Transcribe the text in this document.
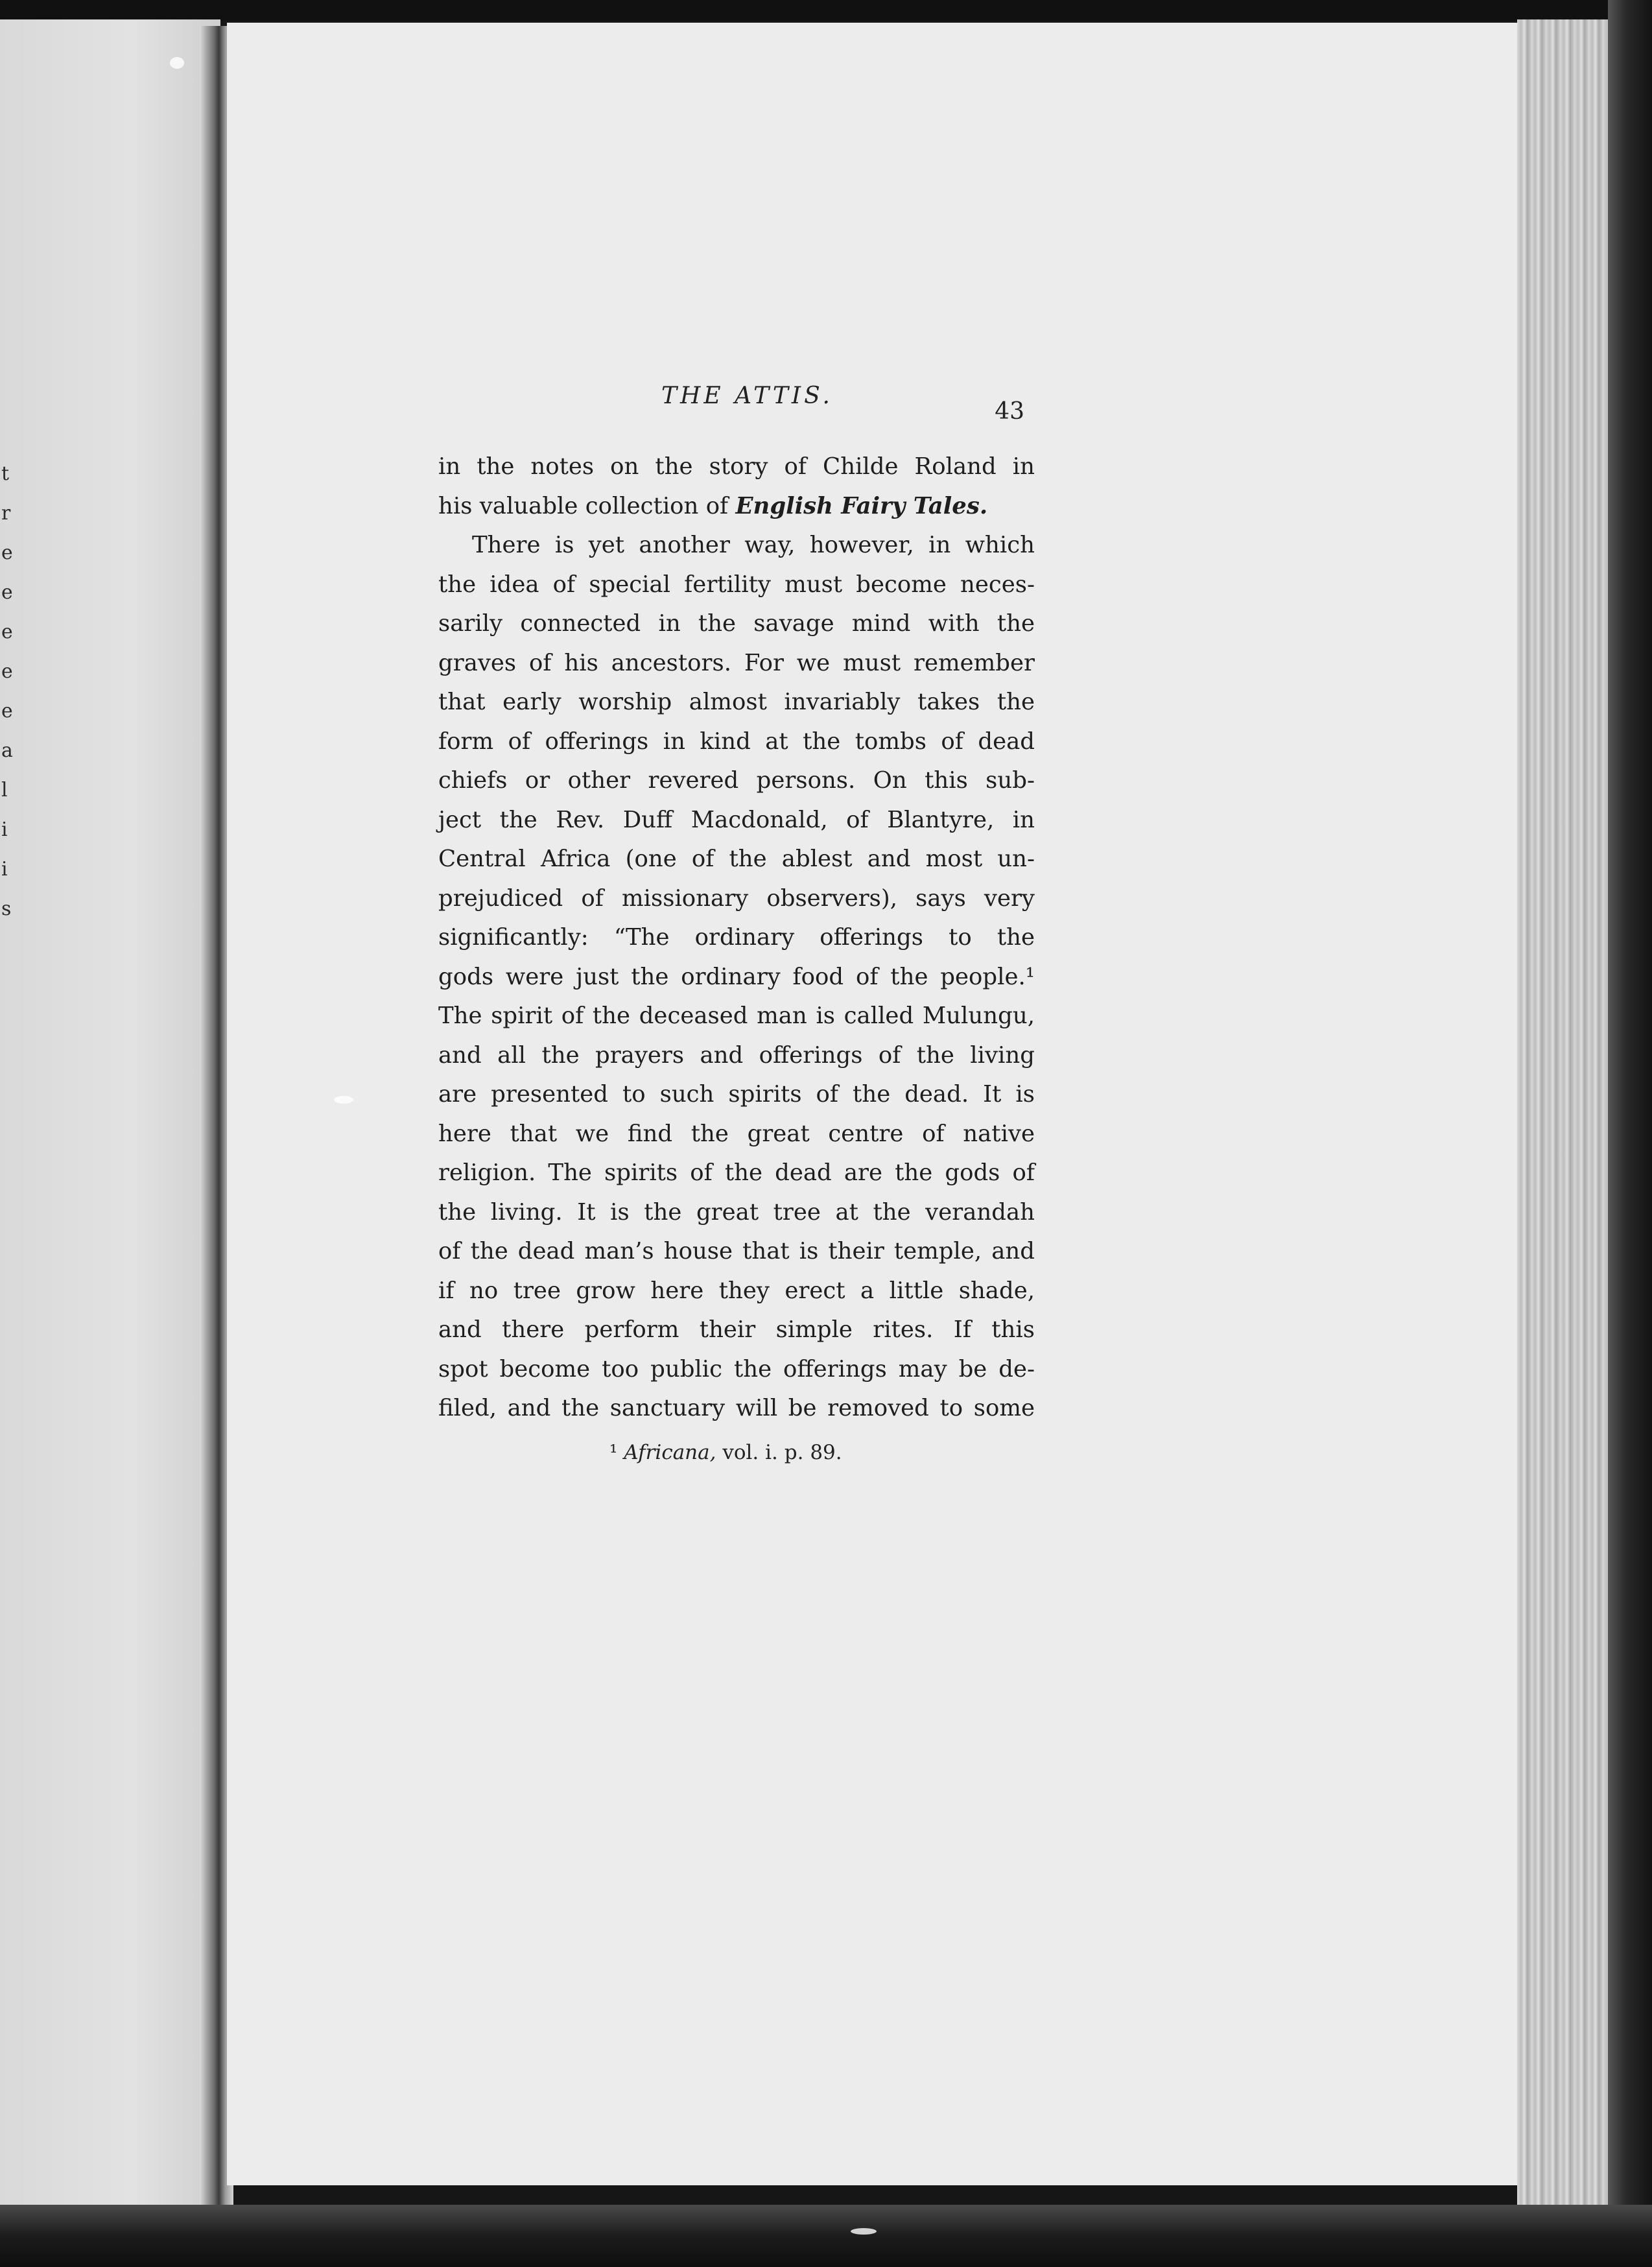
t
r
e
e
e
e
e
a
l
i
i
s
THE ATTIS.
43
in the notes on the story of Childe Roland in
his valuable collection of English Fairy Tales.
There is yet another way, however, in which
the idea of special fertility must become neces-
sarily connected in the savage mind with the
graves of his ancestors. For we must remember
that early worship almost invariably takes the
form of offerings in kind at the tombs of dead
chiefs or other revered persons. On this sub-
ject the Rev. Duff Macdonald, of Blantyre, in
Central Africa (one of the ablest and most un-
prejudiced of missionary observers), says very
significantly: “The ordinary offerings to the
gods were just the ordinary food of the people.¹
The spirit of the deceased man is called Mulungu,
and all the prayers and offerings of the living
are presented to such spirits of the dead. It is
here that we find the great centre of native
religion. The spirits of the dead are the gods of
the living. It is the great tree at the verandah
of the dead man’s house that is their temple, and
if no tree grow here they erect a little shade,
and there perform their simple rites. If this
spot become too public the offerings may be de-
filed, and the sanctuary will be removed to some
¹ Africana, vol. i. p. 89.
